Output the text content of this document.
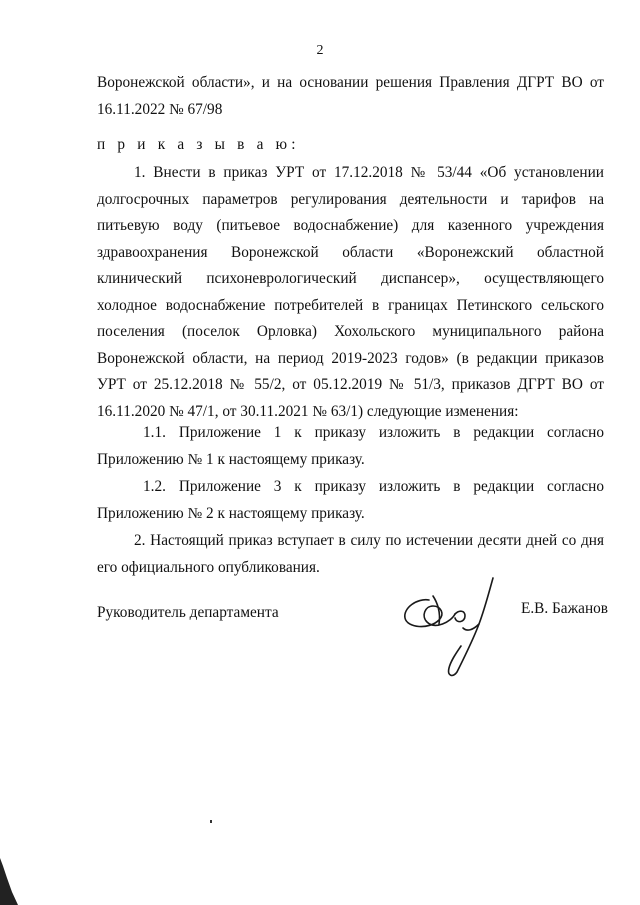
2

Воронежской области», и на основании решения Правления ДГРТ ВО от 16.11.2022 № 67/98

п р и к а з ы в а ю:

1. Внести в приказ УРТ от 17.12.2018 № 53/44 «Об установлении долгосрочных параметров регулирования деятельности и тарифов на питьевую воду (питьевое водоснабжение) для казенного учреждения здравоохранения Воронежской области «Воронежский областной клинический психоневрологический диспансер», осуществляющего холодное водоснабжение потребителей в границах Петинского сельского поселения (поселок Орловка) Хохольского муниципального района Воронежской области, на период 2019-2023 годов» (в редакции приказов УРТ от 25.12.2018 № 55/2, от 05.12.2019 № 51/3, приказов ДГРТ ВО от 16.11.2020 № 47/1, от 30.11.2021 № 63/1) следующие изменения:

1.1. Приложение 1 к приказу изложить в редакции согласно Приложению № 1 к настоящему приказу.

1.2. Приложение 3 к приказу изложить в редакции согласно Приложению № 2 к настоящему приказу.

2. Настоящий приказ вступает в силу по истечении десяти дней со дня его официального опубликования.

Руководитель департамента	Е.В. Бажанов
